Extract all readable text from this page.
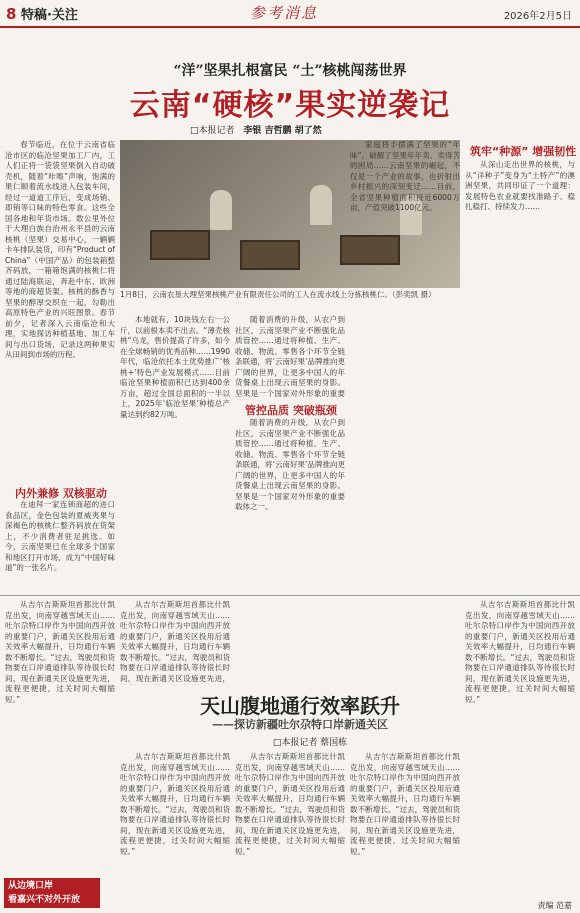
8 特稿·关注	参考消息	2026年2月5日
“洋”坚果扎根富民 “土”核桃闯荡世界
云南“硬核”果实逆袭记
□本报记者 李银 吉哲鹏 胡了然
1月8日，云南农垦大理坚果核桃产业有限责任公司的工人在流水线上分拣核桃仁。（彭奕凯 摄）
春节临近，在位于云南省临沧市区的临沧坚果加工厂内，工人们正将一袋袋坚果倒入自动破壳机，随着“咔嚓”声响，饱满的果仁顺着流水线进入包装车间，经过一道道工序后，变成场销、即销等口味的特色零食。这些全国各地和年货市场。数公里外位于大理白族自治州永平县的云南核桃（坚果）交易中心，一辆辆卡车排队装货，印有“Product of China”（中国产品）的包装箱整齐码放，一箱箱饱满的核桃仁将通过陆海联运，奔赴中东、欧洲等地的商超货架。核桃的酥香与坚果的醇厚交织在一起，勾勒出高原特色产业的兴旺图景。春节前夕，记者深入云南临沧和大理，实地探访种植基地、加工车间与出口货场，记录这两种果实从田间到市场的历程。
内外兼修 双核驱动
在迪拜一家连锁商超的进口食品区，金色包装的夏威夷果与深褐色的核桃仁整齐码放在货架上，不少消费者驻足挑选。如今，云南坚果已在全球多个国家和地区打开市场，成为“中国好味道”的一张名片。
本地就有，10块钱左右一公斤，以前根本卖不出去。“薄壳核桃“乌龙，售价提高了许多，如今在全球畅销的优秀品种……1990年代，临沧依托本土优势推广‘核桃+’特色产业发展模式……目前临沧坚果种植面积已达到400余万亩，超过全国总面积的一半以上，2025年‘临沧坚果’种植总产量达到约82万吨。	管控品质 突破瓶颈
随着消费的升级，从农户到社区，云南坚果产业不断强化品质管控……通过将种植、生产、收储、物流、零售各个环节全链条联通，将‘云南好果’品牌推向更广阔的世界，让更多中国人的年货餐桌上出现云南坚果的身影。坚果是一个国家对外形象的重要
随着消费的升级，从农户到社区，云南坚果产业不断强化品质管控……通过将种植、生产、收储、物流、零售各个环节全链条联通，将‘云南好果’品牌推向更广阔的世界，让更多中国人的年货餐桌上出现云南坚果的身影。坚果是一个国家对外形象的重要载体之一。
家庭将手摆满了坚果的“年味”。破解了坚果年年卖、卖得苦的困局……云南坚果的崛起，不仅是一个产业的故事，也折射出乡村振兴的深刻变迁……目前，全省坚果种植面积接近6000万亩，产值突破1100亿元。
筑牢“种源” 增强韧性
从深山走出世界的核桃，与从“洋种子”变身为“土特产”的澳洲坚果，共同印证了一个道理：发展特色农业就要找准路子、稳扎稳打、持续发力……
从吉尔吉斯斯坦首都比什凯克出发，向南穿越雪域天山……吐尔尕特口岸作为中国向西开放的重要门户，新通关区投用后通关效率大幅提升，日均通行车辆数不断增长。“过去，驾驶员和货物要在口岸通道排队等待很长时间，现在新通关区设施更先进，流程更便捷，过关时间大幅缩短。”
从吉尔吉斯斯坦首都比什凯克出发，向南穿越雪域天山……吐尔尕特口岸作为中国向西开放的重要门户，新通关区投用后通关效率大幅提升，日均通行车辆数不断增长。“过去，驾驶员和货物要在口岸通道排队等待很长时间，现在新通关区设施更先进，
天山腹地通行效率跃升
——探访新疆吐尔尕特口岸新通关区
□本报记者 蔡国栋
从吉尔吉斯斯坦首都比什凯克出发，向南穿越雪域天山……吐尔尕特口岸作为中国向西开放的重要门户，新通关区投用后通关效率大幅提升，日均通行车辆数不断增长。“过去，驾驶员和货物要在口岸通道排队等待很长时间，现在新通关区设施更先进，流程更便捷，过关时间大幅缩短。”
从吉尔吉斯斯坦首都比什凯克出发，向南穿越雪域天山……吐尔尕特口岸作为中国向西开放的重要门户，新通关区投用后通关效率大幅提升，日均通行车辆数不断增长。“过去，驾驶员和货物要在口岸通道排队等待很长时间，现在新通关区设施更先进，流程更便捷，过关时间大幅缩短。”
从吉尔吉斯斯坦首都比什凯克出发，向南穿越雪域天山……吐尔尕特口岸作为中国向西开放的重要门户，新通关区投用后通关效率大幅提升，日均通行车辆数不断增长。“过去，驾驶员和货物要在口岸通道排队等待很长时间，现在新通关区设施更先进，流程更便捷，过关时间大幅缩短。”
从吉尔吉斯斯坦首都比什凯克出发，向南穿越雪域天山……吐尔尕特口岸作为中国向西开放的重要门户，新通关区投用后通关效率大幅提升，日均通行车辆数不断增长。“过去，驾驶员和货物要在口岸通道排队等待很长时间，现在新通关区设施更先进，流程更便捷，过关时间大幅缩短。”
从边境口岸
看嘉兴不对外开放
责编 范嘉
